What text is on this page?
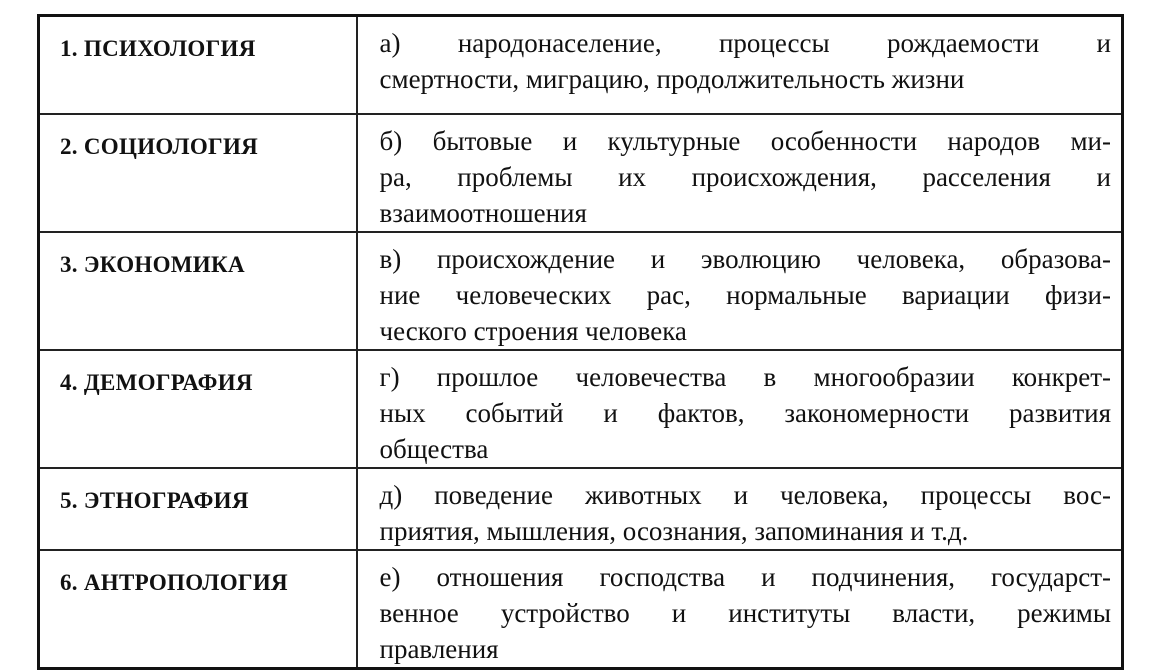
1. ПСИХОЛОГИЯ	а) народонаселение, процессы рождаемости и
смертности, миграцию, продолжительность жизни

2. СОЦИОЛОГИЯ	б) бытовые и культурные особенности народов ми-
ра, проблемы их происхождения, расселения и
взаимоотношения

3. ЭКОНОМИКА	в) происхождение и эволюцию человека, образова-
ние человеческих рас, нормальные вариации физи-
ческого строения человека

4. ДЕМОГРАФИЯ	г) прошлое человечества в многообразии конкрет-
ных событий и фактов, закономерности развития
общества

5. ЭТНОГРАФИЯ	д) поведение животных и человека, процессы вос-
приятия, мышления, осознания, запоминания и т.д.

6. АНТРОПОЛОГИЯ	е) отношения господства и подчинения, государст-
венное устройство и институты власти, режимы
правления
